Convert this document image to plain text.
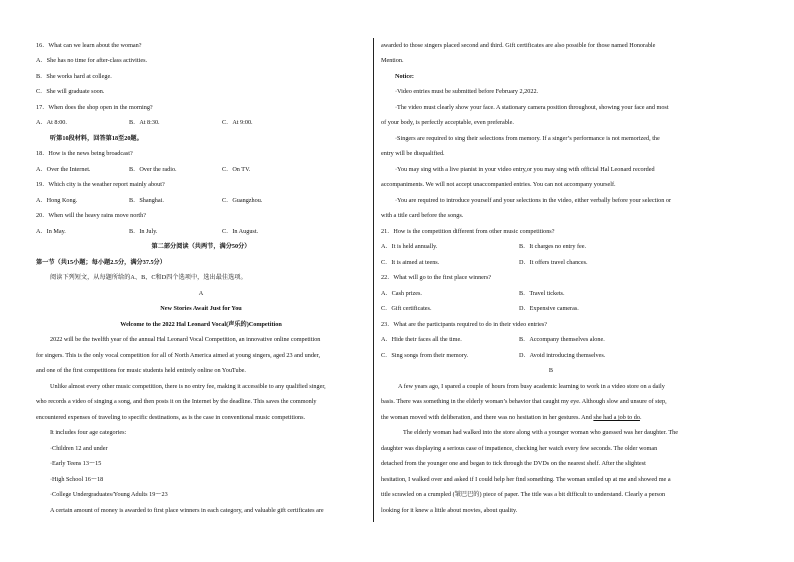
16．What can we learn about the woman?
A．She has no time for after-class activities.
B．She works hard at college.
C．She will graduate soon.
17．When does the shop open in the morning?
A．At 8:00.	B．At 8:30.	C．At 9:00.
听第10段材料，回答第18至20题。
18．How is the news being broadcast?
A．Over the Internet.	B．Over the radio.	C．On TV.
19．Which city is the weather report mainly about?
A．Hong Kong.	B．Shanghai.	C．Guangzhou.
20．When will the heavy rains move north?
A．In May.	B．In July.	C．In August.
第二部分阅读（共两节，满分50分）
第一节（共15小题；每小题2.5分，满分37.5分）
阅读下列短文，从每题所给的A、B、C和D四个选项中，选出最佳选项。
A
New Stories Await Just for You
Welcome to the 2022 Hal Leonard Vocal(声乐的)Competition
2022 will be the twelfth year of the annual Hal Leonard Vocal Competition, an innovative online competition
for singers. This is the only vocal competition for all of North America aimed at young singers, aged 23 and under,
and one of the first competitions for music students held entirely online on YouTube.
Unlike almost every other music competition, there is no entry fee, making it accessible to any qualified singer,
who records a video of singing a song, and then posts it on the Internet by the deadline. This saves the commonly
encountered expenses of traveling to specific destinations, as is the case in conventional music competitions.
It includes four age categories:
·Children 12 and under
·Early Teens 13～15
·High School 16～18
·College Undergraduates/Young Adults 19～23
A certain amount of money is awarded to first place winners in each category, and valuable gift certificates are
awarded to those singers placed second and third. Gift certificates are also possible for those named Honorable
Mention.
Notice:
·Video entries must be submitted before February 2,2022.
·The video must clearly show your face. A stationary camera position throughout, showing your face and most
of your body, is perfectly acceptable, even preferable.
·Singers are required to sing their selections from memory. If a singer’s performance is not memorized, the
entry will be disqualified.
·You may sing with a live pianist in your video entry,or you may sing with official Hal Leonard recorded
accompaniments. We will not accept unaccompanied entries. You can not accompany yourself.
·You are required to introduce yourself and your selections in the video, either verbally before your selection or
with a title card before the songs.
21．How is the competition different from other music competitions?
A．It is held annually.	B．It charges no entry fee.
C．It is aimed at teens.	D．It offers travel chances.
22．What will go to the first place winners?
A．Cash prizes.	B．Travel tickets.
C．Gift certificates.	D．Expensive cameras.
23．What are the participants required to do in their video entries?
A．Hide their faces all the time.	B．Accompany themselves alone.
C．Sing songs from their memory.	D．Avoid introducing themselves.
B
A few years ago, I spared a couple of hours from busy academic learning to work in a video store on a daily
basis. There was something in the elderly woman’s behavior that caught my eye. Although slow and unsure of step,
the woman moved with deliberation, and there was no hesitation in her gestures. And she had a job to do.
The elderly woman had walked into the store along with a younger woman who guessed was her daughter. The
daughter was displaying a serious case of impatience, checking her watch every few seconds. The older woman
detached from the younger one and began to tick through the DVDs on the nearest shelf. After the slightest
hesitation, I walked over and asked if I could help her find something. The woman smiled up at me and showed me a
title scrawled on a crumpled (皱巴巴的) piece of paper. The title was a bit difficult to understand. Clearly a person
looking for it knew a little about movies, about quality.
